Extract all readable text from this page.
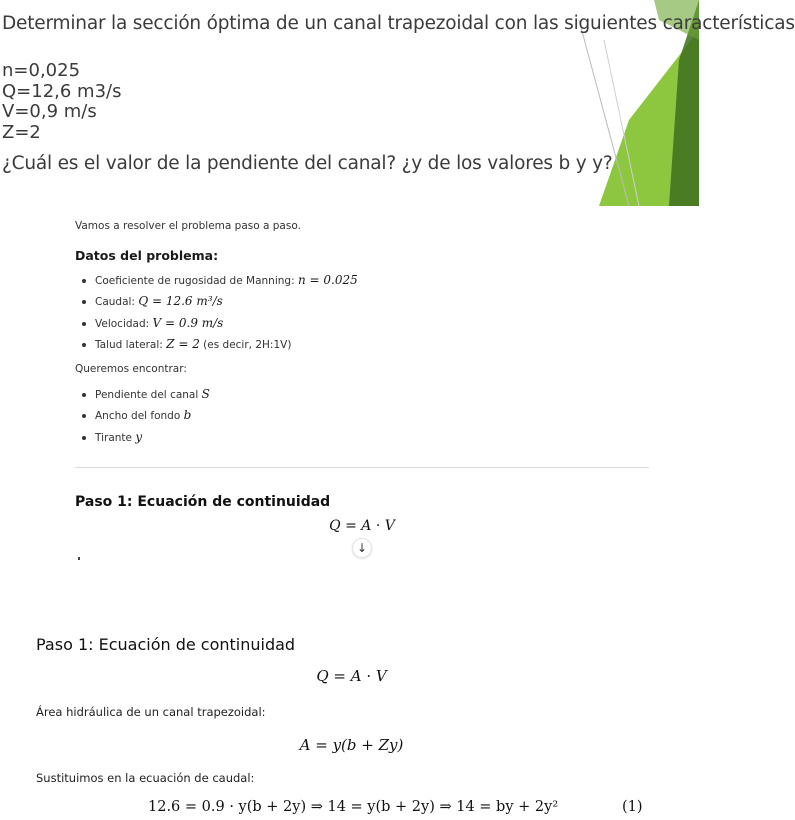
Determinar la sección óptima de un canal trapezoidal con las siguientes características
n=0,025
Q=12,6 m3/s
V=0,9 m/s
Z=2
¿Cuál es el valor de la pendiente del canal? ¿y de los valores b y y?
Vamos a resolver el problema paso a paso.
Datos del problema:
Coeficiente de rugosidad de Manning: n = 0.025
Caudal: Q = 12.6 m³/s
Velocidad: V = 0.9 m/s
Talud lateral: Z = 2 (es decir, 2H:1V)
Queremos encontrar:
Pendiente del canal S
Ancho del fondo b
Tirante y
Paso 1: Ecuación de continuidad
Q = A · V
↓
Paso 1: Ecuación de continuidad
Q = A · V
Área hidráulica de un canal trapezoidal:
A = y(b + Zy)
Sustituimos en la ecuación de caudal:
12.6 = 0.9 · y(b + 2y) ⇒ 14 = y(b + 2y) ⇒ 14 = by + 2y²	(1)
